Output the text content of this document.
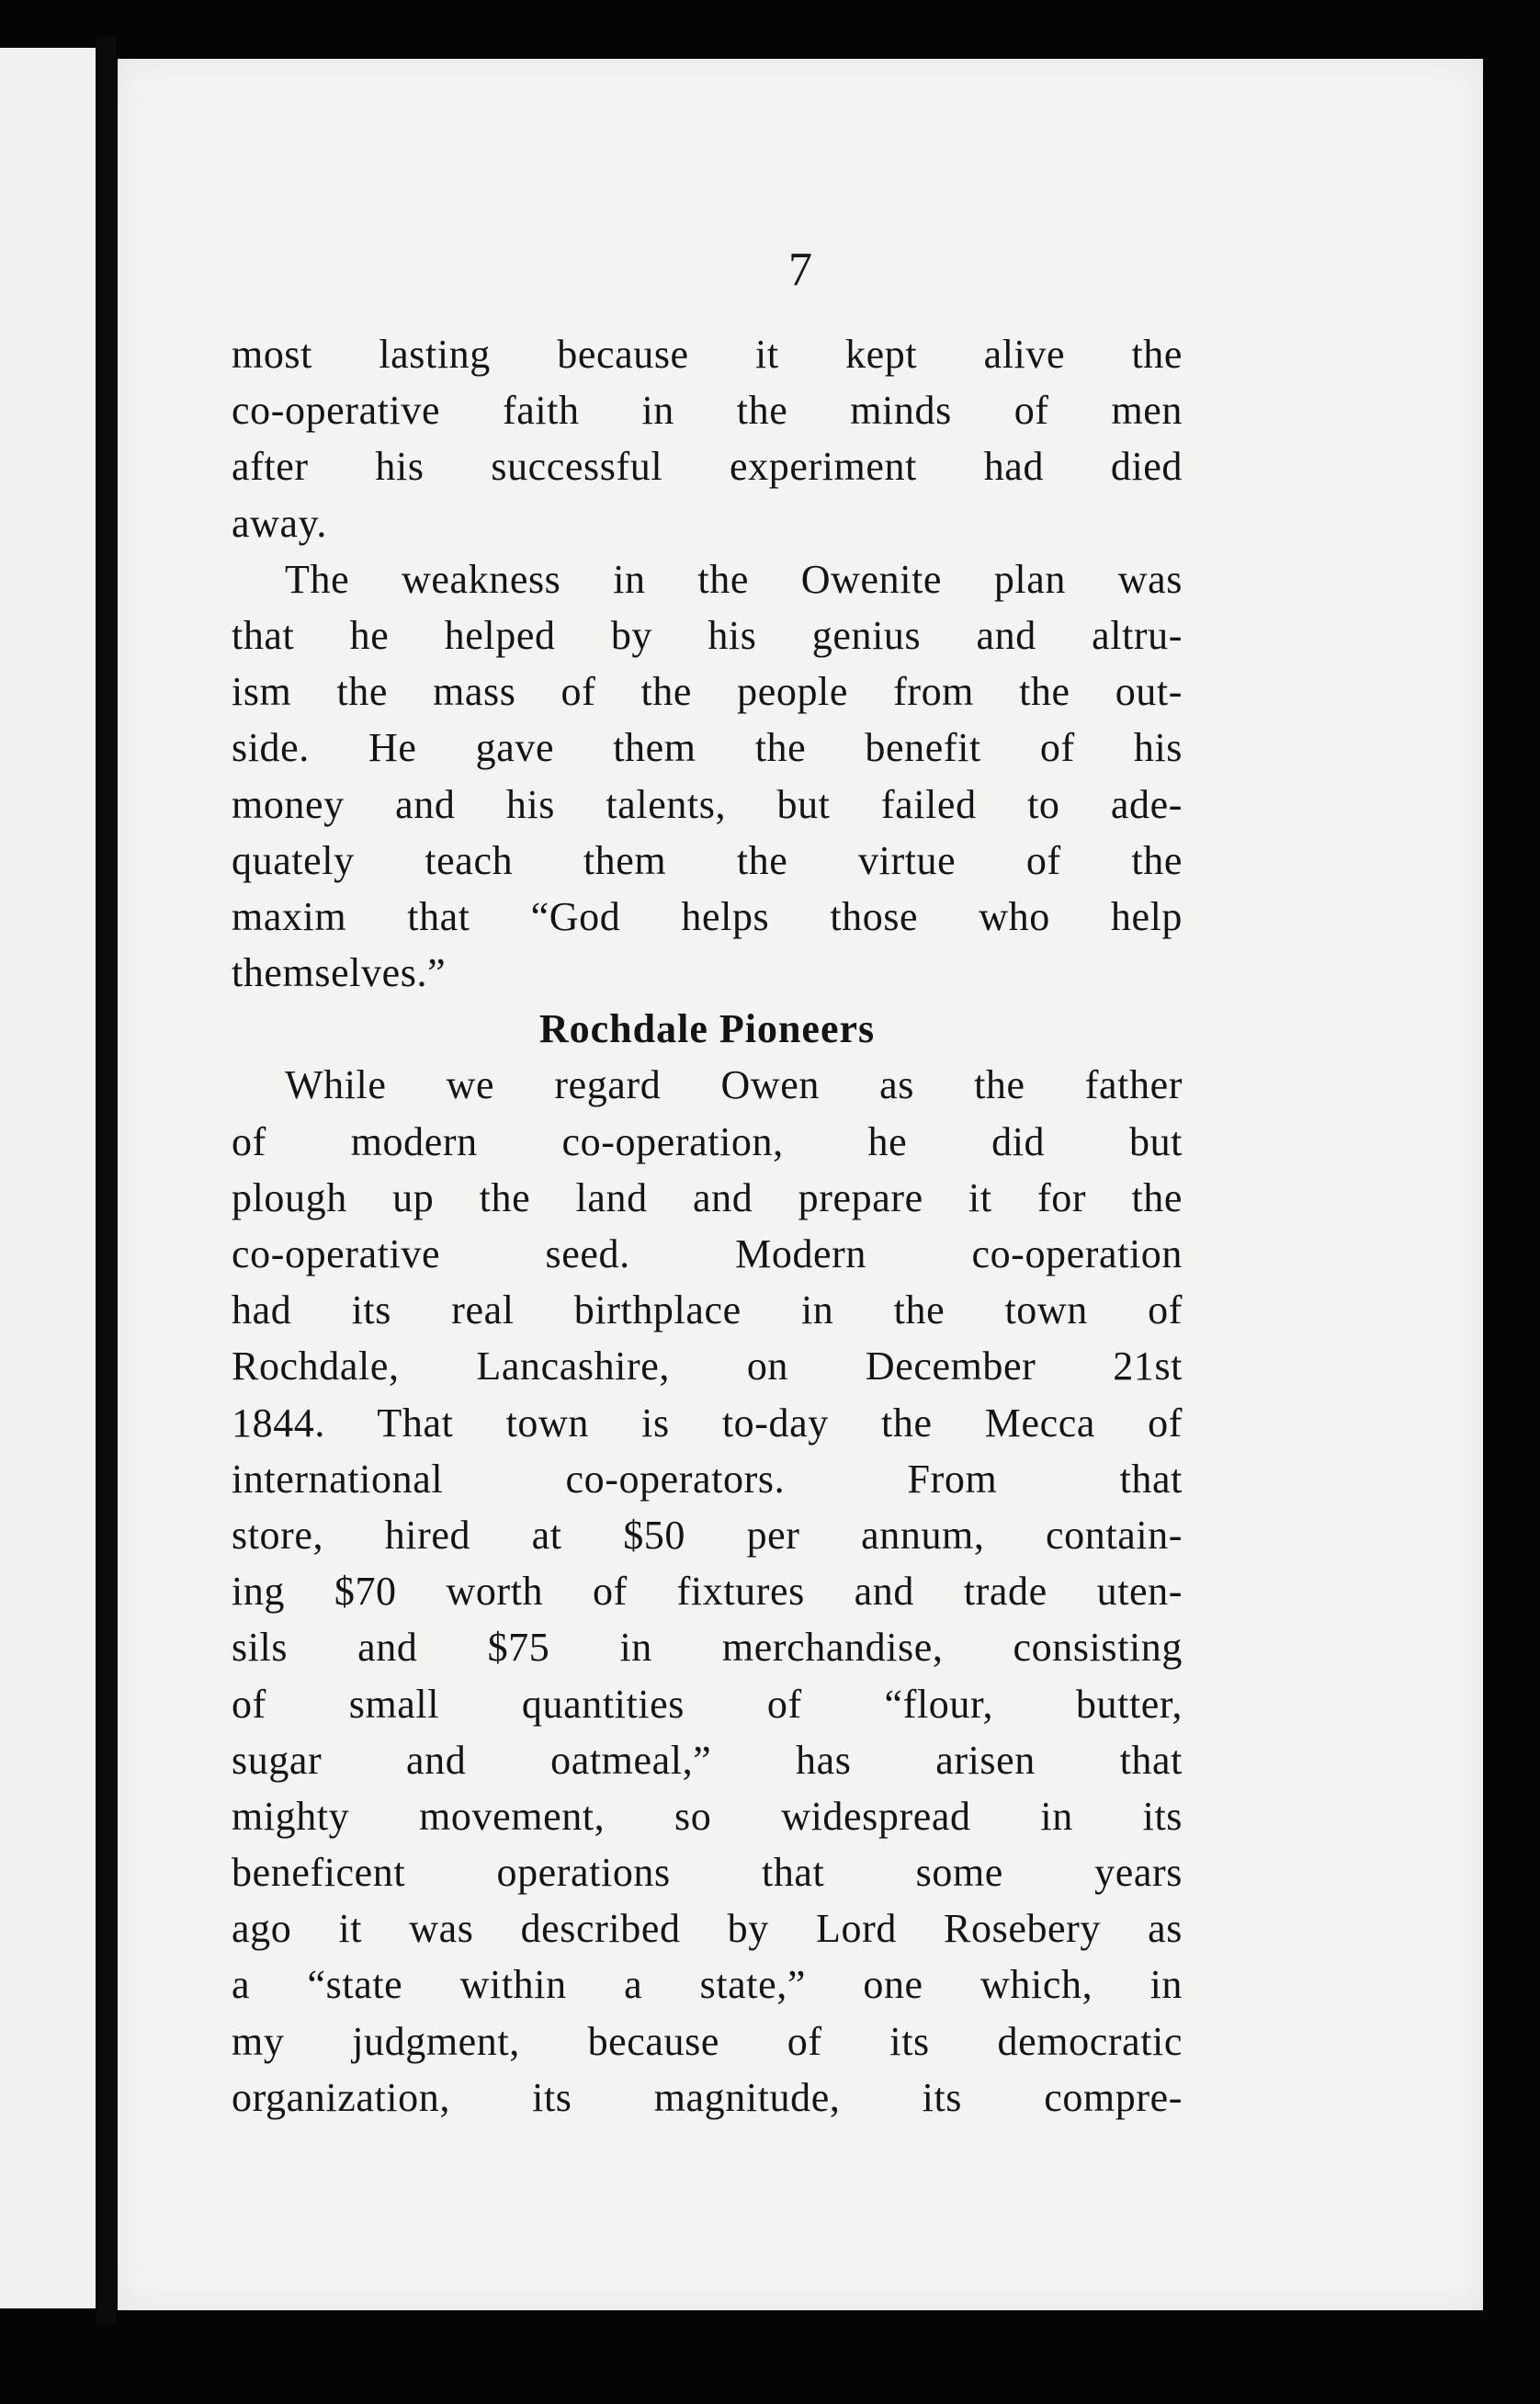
7
most lasting because it kept alive the
co-operative faith in the minds of men
after his successful experiment had died
away.
The weakness in the Owenite plan was
that he helped by his genius and altru-
ism the mass of the people from the out-
side. He gave them the benefit of his
money and his talents, but failed to ade-
quately teach them the virtue of the
maxim that “God helps those who help
themselves.”
Rochdale Pioneers
While we regard Owen as the father
of modern co-operation, he did but
plough up the land and prepare it for the
co-operative seed. Modern co-operation
had its real birthplace in the town of
Rochdale, Lancashire, on December 21st
1844. That town is to-day the Mecca of
international co-operators. From that
store, hired at $50 per annum, contain-
ing $70 worth of fixtures and trade uten-
sils and $75 in merchandise, consisting
of small quantities of “flour, butter,
sugar and oatmeal,” has arisen that
mighty movement, so widespread in its
beneficent operations that some years
ago it was described by Lord Rosebery as
a “state within a state,” one which, in
my judgment, because of its democratic
organization, its magnitude, its compre-
